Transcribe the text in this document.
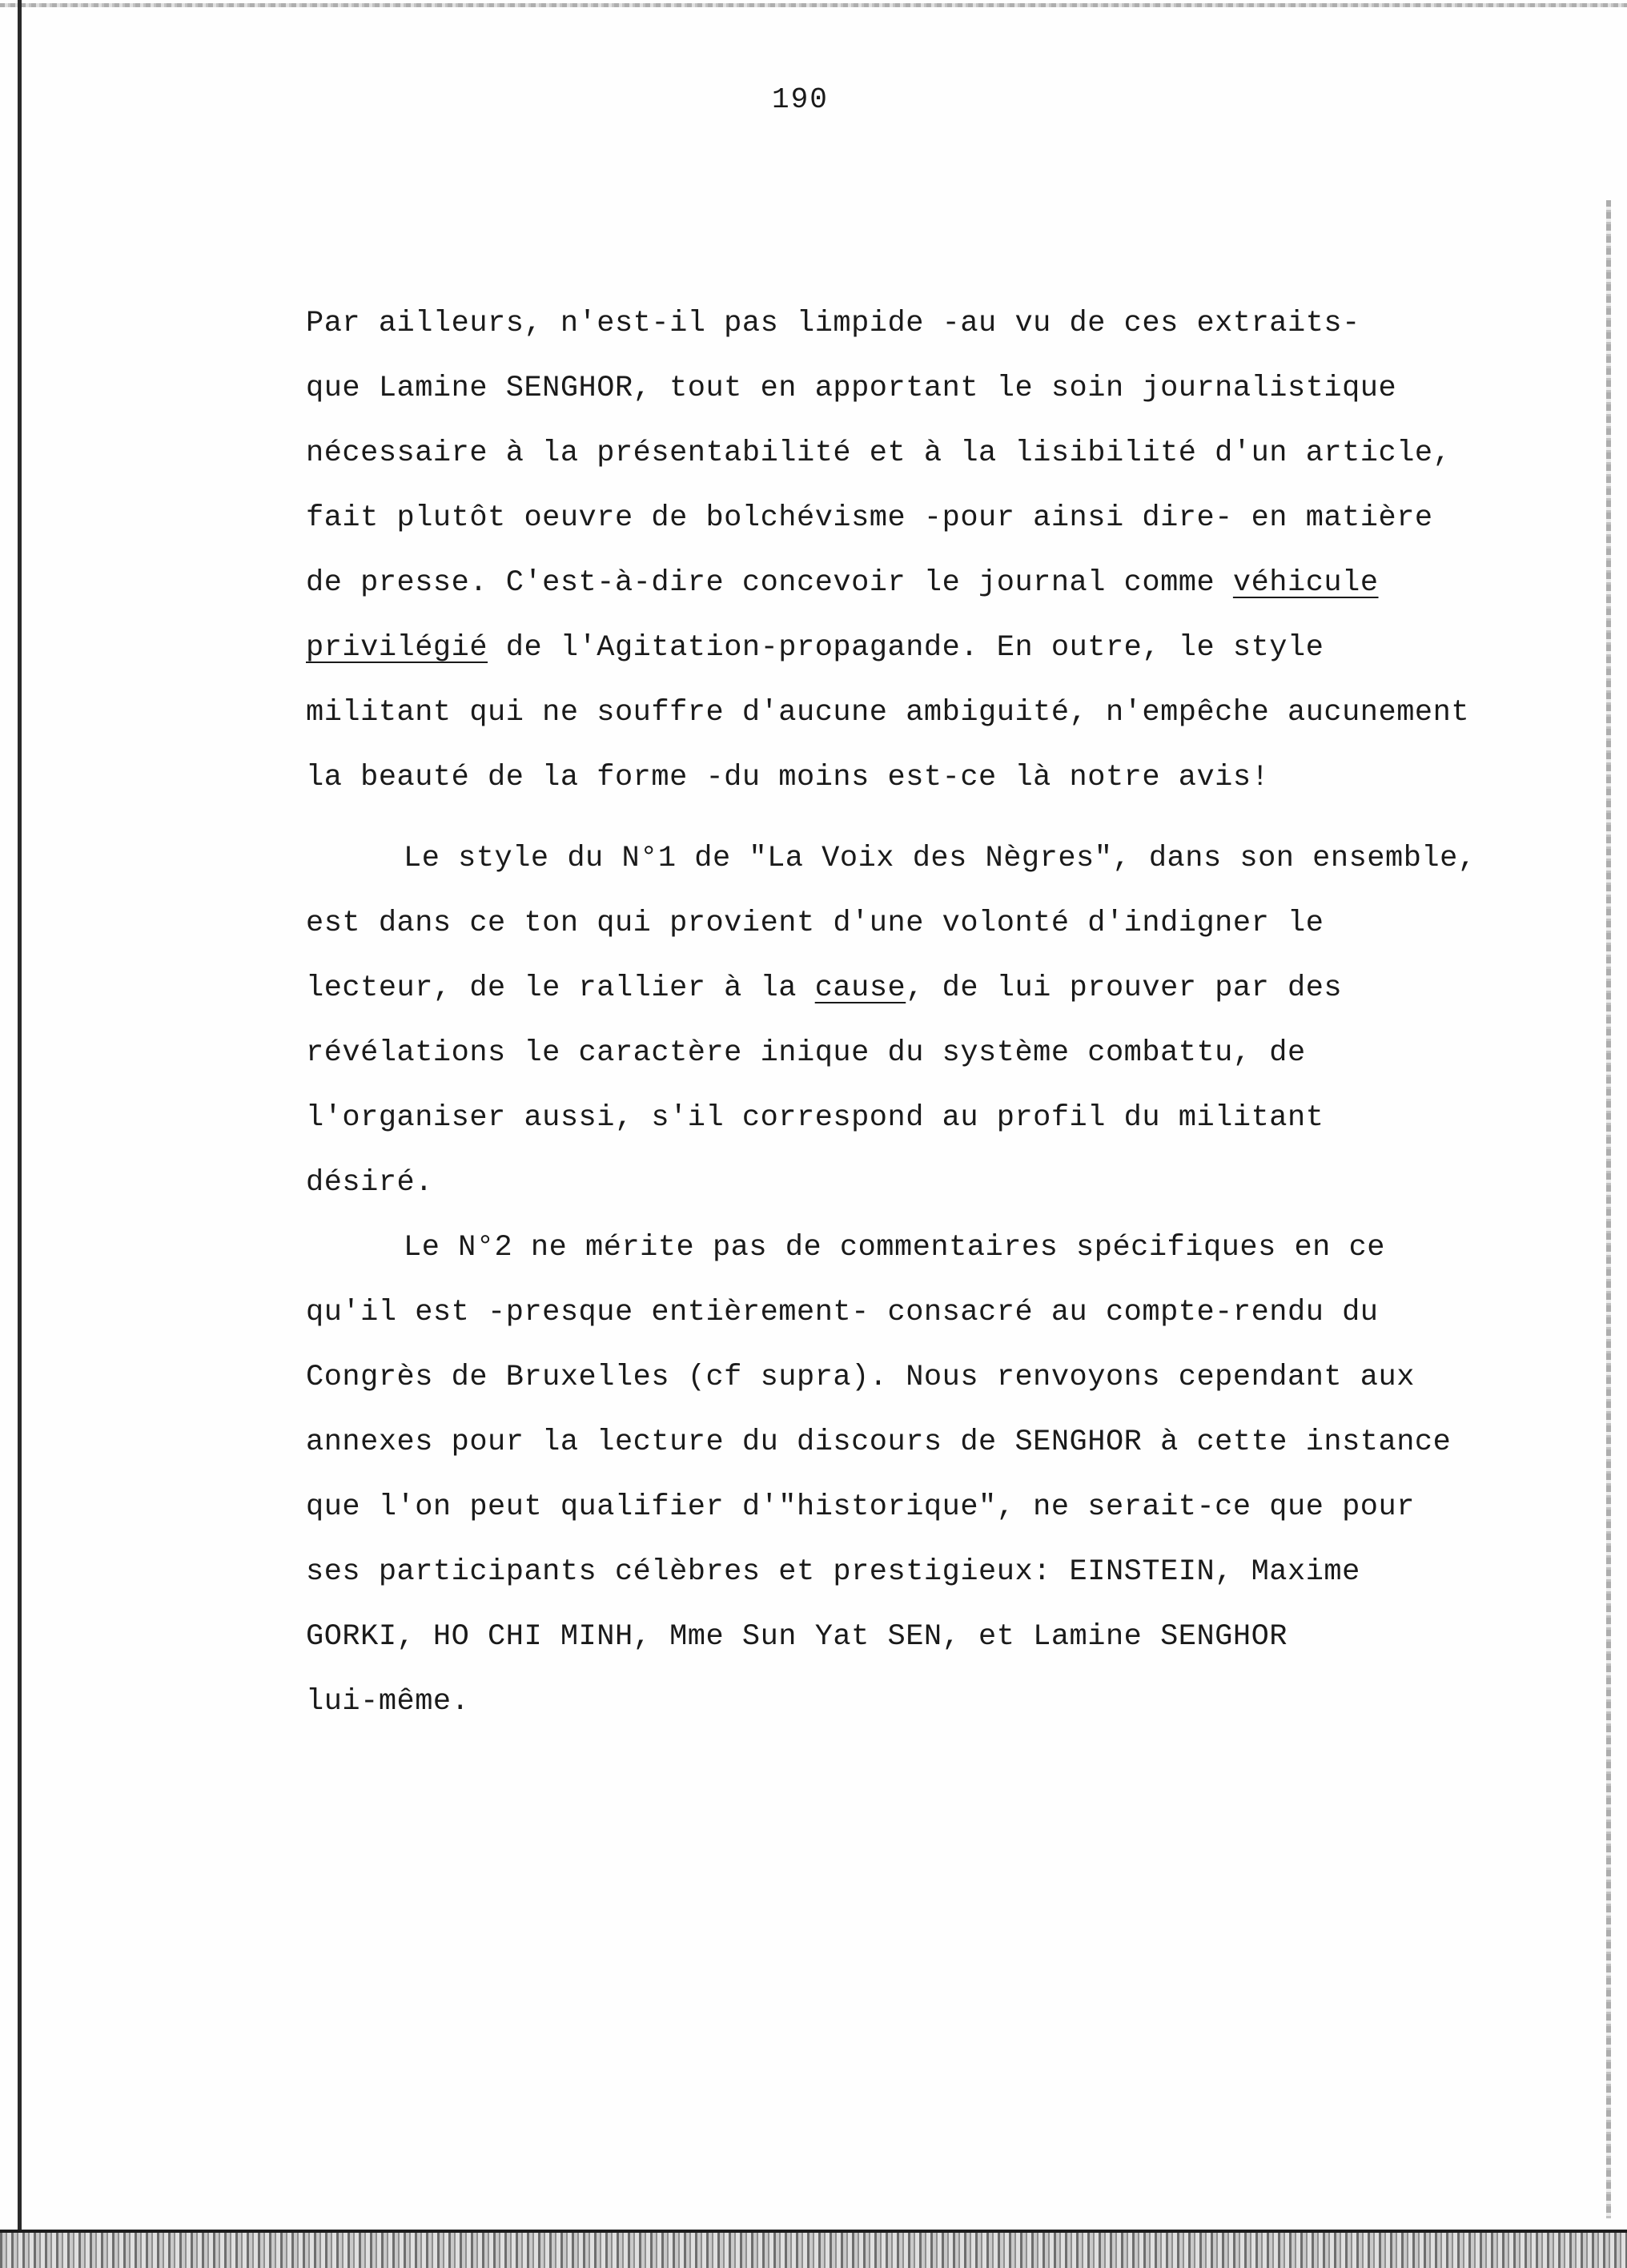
190
Par ailleurs, n'est-il pas limpide -au vu de ces extraits-
que Lamine SENGHOR, tout en apportant le soin journalistique
nécessaire à la présentabilité et à la lisibilité d'un article,
fait plutôt oeuvre de bolchévisme -pour ainsi dire- en matière
de presse. C'est-à-dire concevoir le journal comme véhicule
privilégié de l'Agitation-propagande. En outre, le style
militant qui ne souffre d'aucune ambiguité, n'empêche aucunement
la beauté de la forme -du moins est-ce là notre avis!
Le style du N°1 de "La Voix des Nègres", dans son ensemble,
est dans ce ton qui provient d'une volonté d'indigner le
lecteur, de le rallier à la cause, de lui prouver par des
révélations le caractère inique du système combattu, de
l'organiser aussi, s'il correspond au profil du militant
désiré.
Le N°2 ne mérite pas de commentaires spécifiques en ce
qu'il est -presque entièrement- consacré au compte-rendu du
Congrès de Bruxelles (cf supra). Nous renvoyons cependant aux
annexes pour la lecture du discours de SENGHOR à cette instance
que l'on peut qualifier d'"historique", ne serait-ce que pour
ses participants célèbres et prestigieux: EINSTEIN, Maxime
GORKI, HO CHI MINH, Mme Sun Yat SEN, et Lamine SENGHOR
lui-même.
